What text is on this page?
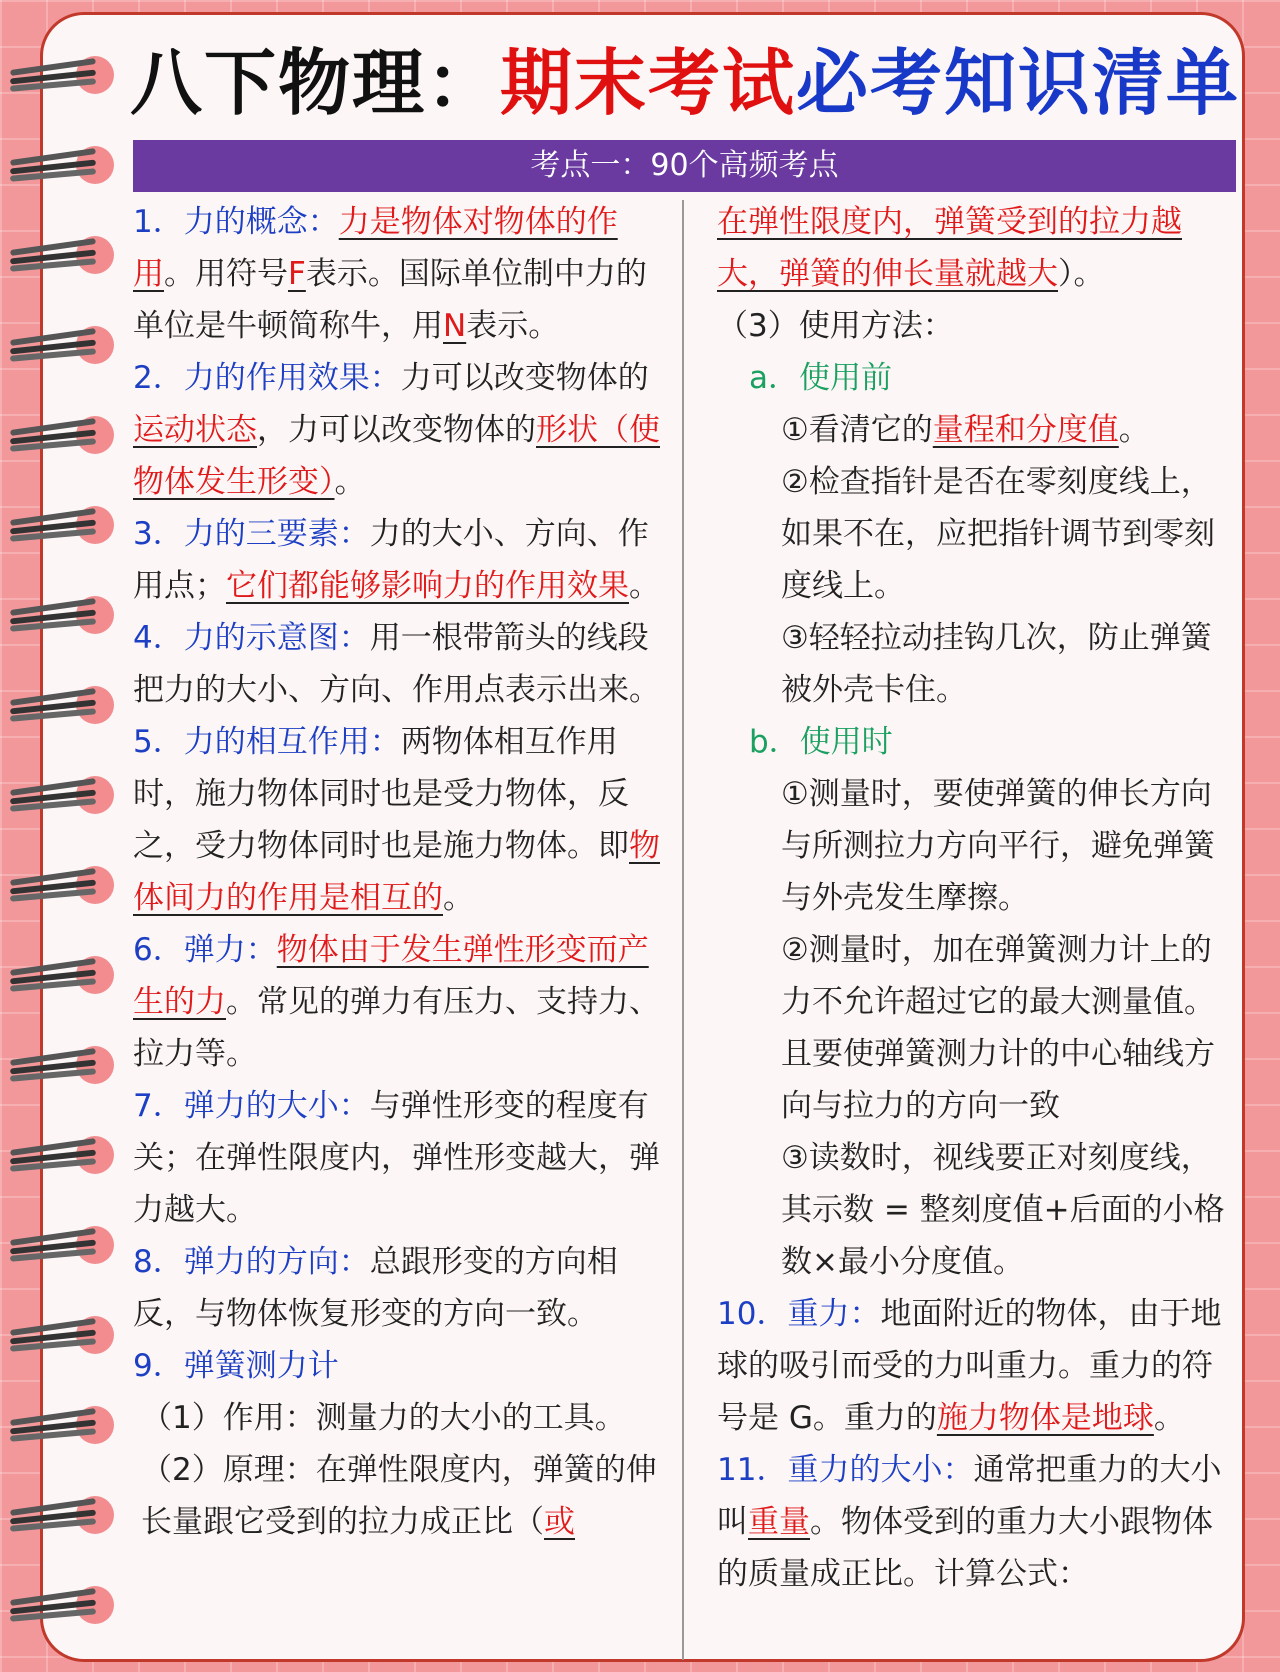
八下物理：期末考试必考知识清单
考点一：90个高频考点

1．力的概念：力是物体对物体的作用。用符号F表示。国际单位制中力的单位是牛顿简称牛，用N表示。

2．力的作用效果：力可以改变物体的运动状态，力可以改变物体的形状（使物体发生形变）。

3．力的三要素：力的大小、方向、作用点；它们都能够影响力的作用效果。

4．力的示意图：用一根带箭头的线段把力的大小、方向、作用点表示出来。

5．力的相互作用：两物体相互作用时，施力物体同时也是受力物体，反之，受力物体同时也是施力物体。即物体间力的作用是相互的。

6．弹力：物体由于发生弹性形变而产生的力。常见的弹力有压力、支持力、拉力等。

7．弹力的大小：与弹性形变的程度有关；在弹性限度内，弹性形变越大，弹力越大。

8．弹力的方向：总跟形变的方向相反，与物体恢复形变的方向一致。

9．弹簧测力计

（1）作用：测量力的大小的工具。

（2）原理：在弹性限度内，弹簧的伸长量跟它受到的拉力成正比（或

在弹性限度内，弹簧受到的拉力越大，弹簧的伸长量就越大）。

（3）使用方法：

a．使用前

①看清它的量程和分度值。

②检查指针是否在零刻度线上，如果不在，应把指针调节到零刻度线上。

③轻轻拉动挂钩几次，防止弹簧被外壳卡住。

b．使用时

①测量时，要使弹簧的伸长方向与所测拉力方向平行，避免弹簧与外壳发生摩擦。

②测量时，加在弹簧测力计上的力不允许超过它的最大测量值。且要使弹簧测力计的中心轴线方向与拉力的方向一致

③读数时，视线要正对刻度线，其示数 = 整刻度值+后面的小格数×最小分度值。

10．重力：地面附近的物体，由于地球的吸引而受的力叫重力。重力的符号是 G。重力的施力物体是地球。

11．重力的大小：通常把重力的大小叫重量。物体受到的重力大小跟物体的质量成正比。计算公式：
